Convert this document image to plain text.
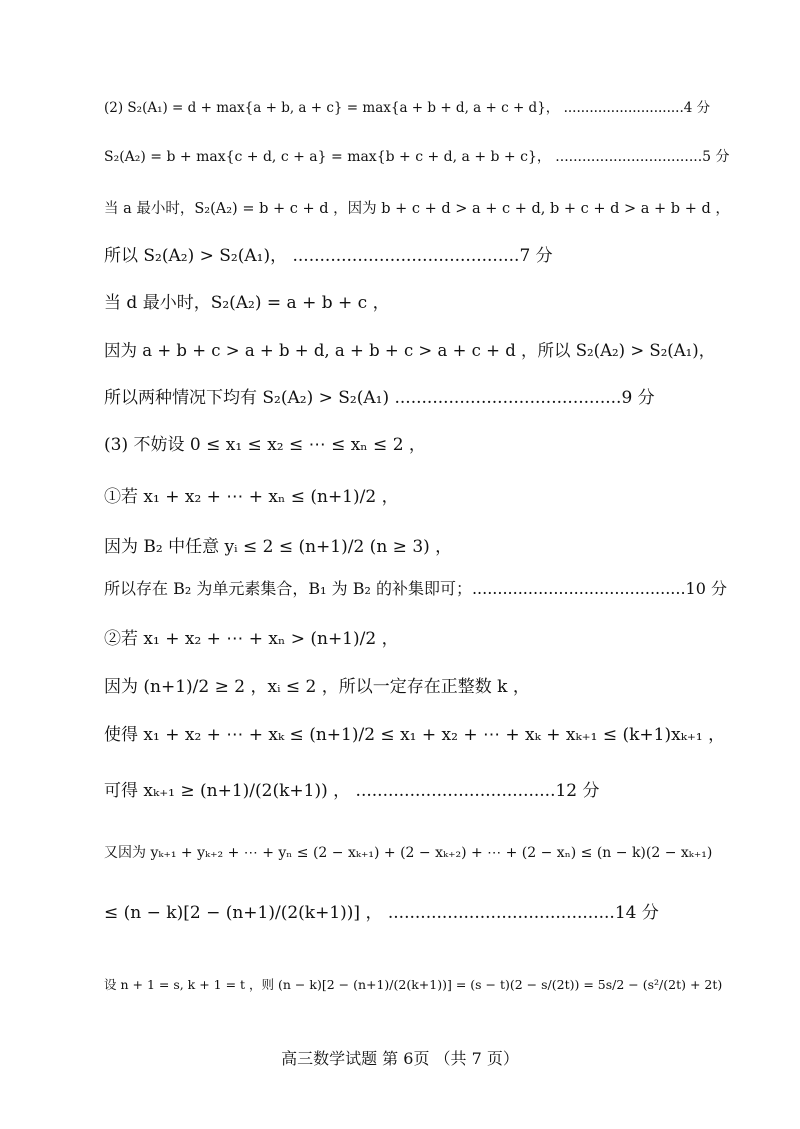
(2) S₂(A₁) = d + max{a + b, a + c} = max{a + b + d, a + c + d}， ............................4 分
S₂(A₂) = b + max{c + d, c + a} = max{b + c + d, a + b + c}， .................................5 分
当 a 最小时，S₂(A₂) = b + c + d ，因为 b + c + d > a + c + d, b + c + d > a + b + d ，
所以 S₂(A₂) > S₂(A₁)， ..........................................7 分
当 d 最小时，S₂(A₂) = a + b + c ，
因为 a + b + c > a + b + d, a + b + c > a + c + d ，所以 S₂(A₂) > S₂(A₁)，
所以两种情况下均有 S₂(A₂) > S₂(A₁) ..........................................9 分
(3) 不妨设 0 ≤ x₁ ≤ x₂ ≤ ⋯ ≤ xₙ ≤ 2 ，
①若 x₁ + x₂ + ⋯ + xₙ ≤ (n+1)/2 ，
因为 B₂ 中任意 yᵢ ≤ 2 ≤ (n+1)/2 (n ≥ 3) ，
所以存在 B₂ 为单元素集合，B₁ 为 B₂ 的补集即可；..........................................10 分
②若 x₁ + x₂ + ⋯ + xₙ > (n+1)/2 ，
因为 (n+1)/2 ≥ 2 ，xᵢ ≤ 2 ，所以一定存在正整数 k ，
使得 x₁ + x₂ + ⋯ + xₖ ≤ (n+1)/2 ≤ x₁ + x₂ + ⋯ + xₖ + xₖ₊₁ ≤ (k+1)xₖ₊₁ ，
可得 xₖ₊₁ ≥ (n+1)/(2(k+1)) ， .....................................12 分
又因为 yₖ₊₁ + yₖ₊₂ + ⋯ + yₙ ≤ (2 − xₖ₊₁) + (2 − xₖ₊₂) + ⋯ + (2 − xₙ) ≤ (n − k)(2 − xₖ₊₁)
≤ (n − k)[2 − (n+1)/(2(k+1))] ， ..........................................14 分
设 n + 1 = s, k + 1 = t ，则 (n − k)[2 − (n+1)/(2(k+1))] = (s − t)(2 − s/(2t)) = 5s/2 − (s²/(2t) + 2t)
高三数学试题 第 6页 （共 7 页）
